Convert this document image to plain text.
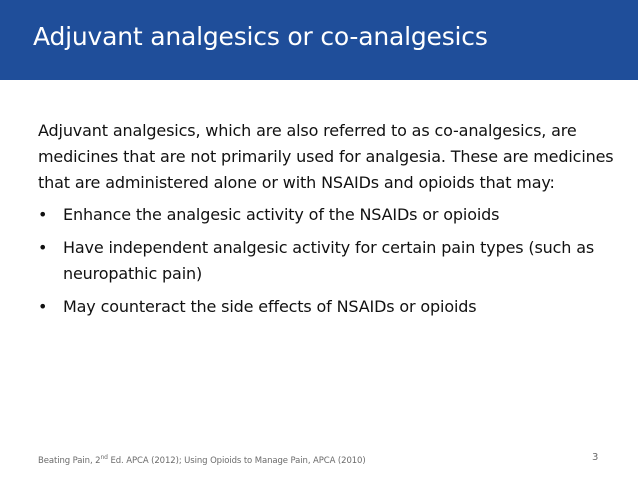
Adjuvant analgesics or co-analgesics

Adjuvant analgesics, which are also referred to as co-analgesics, are medicines that are not primarily used for analgesia. These are medicines that are administered alone or with NSAIDs and opioids that may:

• Enhance the analgesic activity of the NSAIDs or opioids
• Have independent analgesic activity for certain pain types (such as neuropathic pain)
• May counteract the side effects of NSAIDs or opioids
Beating Pain, 2nd Ed. APCA (2012); Using Opioids to Manage Pain, APCA (2010)	3
